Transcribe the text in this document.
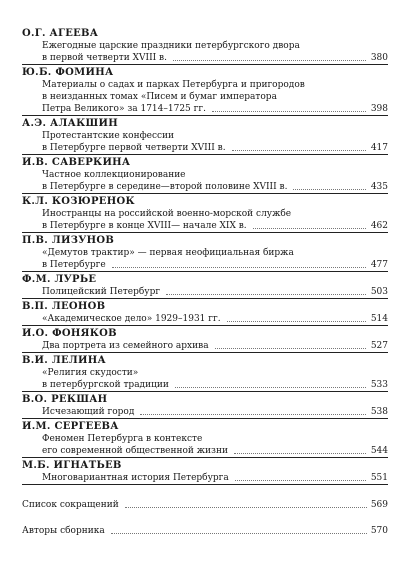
О.Г. АГЕЕВА
Ежегодные царские праздники петербургского двора
в первой четверти XVIII в.	380
Ю.Б. ФОМИНА
Материалы о садах и парках Петербурга и пригородов
в неизданных томах «Писем и бумаг императора
Петра Великого» за 1714–1725 гг.	398
А.Э. АЛАКШИН
Протестантские конфессии
в Петербурге первой четверти XVIII в.	417
И.В. САВЕРКИНА
Частное коллекционирование
в Петербурге в середине—второй половине XVIII в.	435
К.Л. КОЗЮРЕНОК
Иностранцы на российской военно-морской службе
в Петербурге в конце XVIII— начале XIX в.	462
П.В. ЛИЗУНОВ
«Демутов трактир» — первая неофициальная биржа
в Петербурге	477
Ф.М. ЛУРЬЕ
Полицейский Петербург	503
В.П. ЛЕОНОВ
«Академическое дело» 1929–1931 гг.	514
И.О. ФОНЯКОВ
Два портрета из семейного архива	527
В.И. ЛЕЛИНА
«Религия скудости»
в петербургской традиции	533
В.О. РЕКШАН
Исчезающий город	538
И.М. СЕРГЕЕВА
Феномен Петербурга в контексте
его современной общественной жизни	544
М.Б. ИГНАТЬЕВ
Многовариантная история Петербурга	551
Список сокращений	569
Авторы сборника	570
